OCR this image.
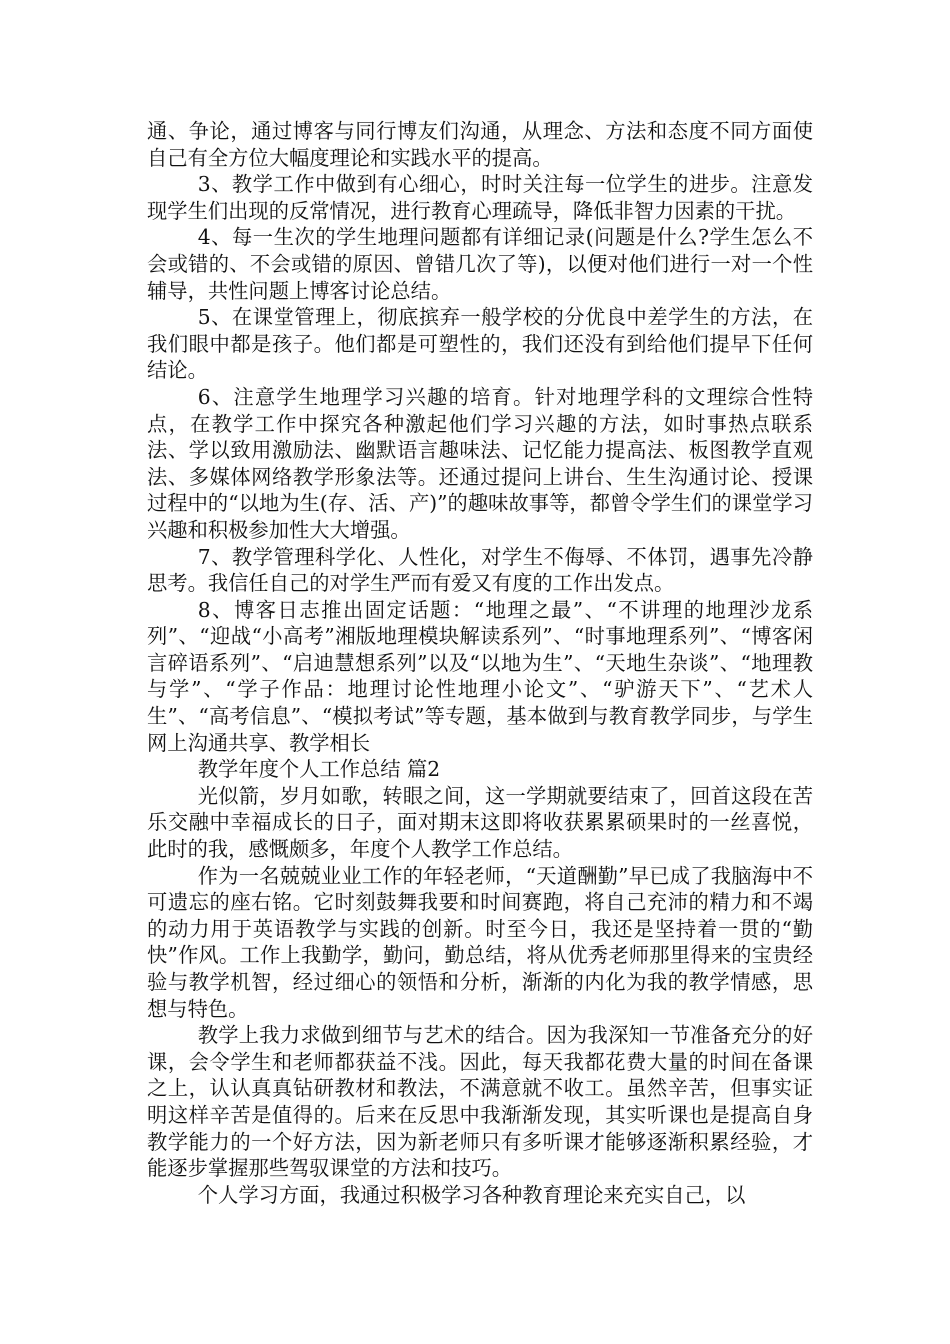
通、争论，通过博客与同行博友们沟通，从理念、方法和态度不同方面使自己有全方位大幅度理论和实践水平的提高。

3、教学工作中做到有心细心，时时关注每一位学生的进步。注意发现学生们出现的反常情况，进行教育心理疏导，降低非智力因素的干扰。

4、每一生次的学生地理问题都有详细记录(问题是什么?学生怎么不会或错的、不会或错的原因、曾错几次了等)，以便对他们进行一对一个性辅导，共性问题上博客讨论总结。

5、在课堂管理上，彻底摈弃一般学校的分优良中差学生的方法，在我们眼中都是孩子。他们都是可塑性的，我们还没有到给他们提早下任何结论。

6、注意学生地理学习兴趣的培育。针对地理学科的文理综合性特点，在教学工作中探究各种激起他们学习兴趣的方法，如时事热点联系法、学以致用激励法、幽默语言趣味法、记忆能力提高法、板图教学直观法、多媒体网络教学形象法等。还通过提问上讲台、生生沟通讨论、授课过程中的“以地为生(存、活、产)”的趣味故事等，都曾令学生们的课堂学习兴趣和积极参加性大大增强。

7、教学管理科学化、人性化，对学生不侮辱、不体罚，遇事先冷静思考。我信任自己的对学生严而有爱又有度的工作出发点。

8、博客日志推出固定话题：“地理之最”、“不讲理的地理沙龙系列”、“迎战“小高考”湘版地理模块解读系列”、“时事地理系列”、“博客闲言碎语系列”、“启迪慧想系列”以及“以地为生”、“天地生杂谈”、“地理教与学”、“学子作品：地理讨论性地理小论文”、“驴游天下”、“艺术人生”、“高考信息”、“模拟考试”等专题，基本做到与教育教学同步，与学生网上沟通共享、教学相长

教学年度个人工作总结 篇2

光似箭，岁月如歌，转眼之间，这一学期就要结束了，回首这段在苦乐交融中幸福成长的日子，面对期末这即将收获累累硕果时的一丝喜悦，此时的我，感慨颇多，年度个人教学工作总结。

作为一名兢兢业业工作的年轻老师，“天道酬勤”早已成了我脑海中不可遗忘的座右铭。它时刻鼓舞我要和时间赛跑，将自己充沛的精力和不竭的动力用于英语教学与实践的创新。时至今日，我还是坚持着一贯的“勤快”作风。工作上我勤学，勤问，勤总结，将从优秀老师那里得来的宝贵经验与教学机智，经过细心的领悟和分析，渐渐的内化为我的教学情感，思想与特色。

教学上我力求做到细节与艺术的结合。因为我深知一节准备充分的好课，会令学生和老师都获益不浅。因此，每天我都花费大量的时间在备课之上，认认真真钻研教材和教法，不满意就不收工。虽然辛苦，但事实证明这样辛苦是值得的。后来在反思中我渐渐发现，其实听课也是提高自身教学能力的一个好方法，因为新老师只有多听课才能够逐渐积累经验，才能逐步掌握那些驾驭课堂的方法和技巧。

个人学习方面，我通过积极学习各种教育理论来充实自己，以
